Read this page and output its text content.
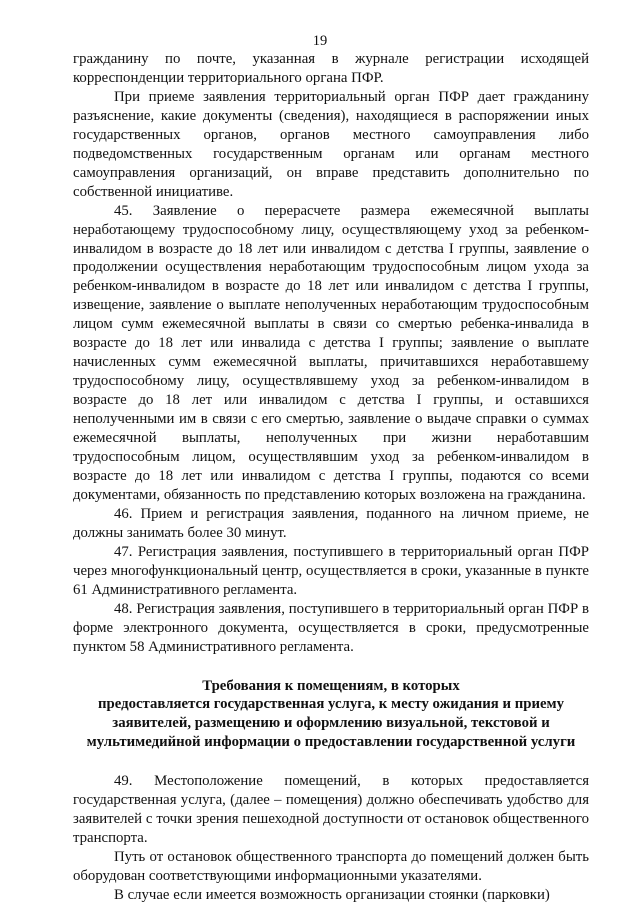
19

гражданину по почте, указанная в журнале регистрации исходящей корреспонденции территориального органа ПФР.

При приеме заявления территориальный орган ПФР дает гражданину разъяснение, какие документы (сведения), находящиеся в распоряжении иных государственных органов, органов местного самоуправления либо подведомственных государственным органам или органам местного самоуправления организаций, он вправе представить дополнительно по собственной инициативе.

45. Заявление о перерасчете размера ежемесячной выплаты неработающему трудоспособному лицу, осуществляющему уход за ребенком-инвалидом в возрасте до 18 лет или инвалидом с детства I группы, заявление о продолжении осуществления неработающим трудоспособным лицом ухода за ребенком-инвалидом в возрасте до 18 лет или инвалидом с детства I группы, извещение, заявление о выплате неполученных неработающим трудоспособным лицом сумм ежемесячной выплаты в связи со смертью ребенка-инвалида в возрасте до 18 лет или инвалида с детства I группы; заявление о выплате начисленных сумм ежемесячной выплаты, причитавшихся неработавшему трудоспособному лицу, осуществлявшему уход за ребенком-инвалидом в возрасте до 18 лет или инвалидом с детства I группы, и оставшихся неполученными им в связи с его смертью, заявление о выдаче справки о суммах ежемесячной выплаты, неполученных при жизни неработавшим трудоспособным лицом, осуществлявшим уход за ребенком-инвалидом в возрасте до 18 лет или инвалидом с детства I группы, подаются со всеми документами, обязанность по представлению которых возложена на гражданина.

46. Прием и регистрация заявления, поданного на личном приеме, не должны занимать более 30 минут.

47. Регистрация заявления, поступившего в территориальный орган ПФР через многофункциональный центр, осуществляется в сроки, указанные в пункте 61 Административного регламента.

48. Регистрация заявления, поступившего в территориальный орган ПФР в форме электронного документа, осуществляется в сроки, предусмотренные пунктом 58 Административного регламента.

Требования к помещениям, в которых
предоставляется государственная услуга, к месту ожидания и приему
заявителей, размещению и оформлению визуальной, текстовой и
мультимедийной информации о предоставлении государственной услуги

49. Местоположение помещений, в которых предоставляется государственная услуга, (далее – помещения) должно обеспечивать удобство для заявителей с точки зрения пешеходной доступности от остановок общественного транспорта.

Путь от остановок общественного транспорта до помещений должен быть оборудован соответствующими информационными указателями.

В случае если имеется возможность организации стоянки (парковки)
